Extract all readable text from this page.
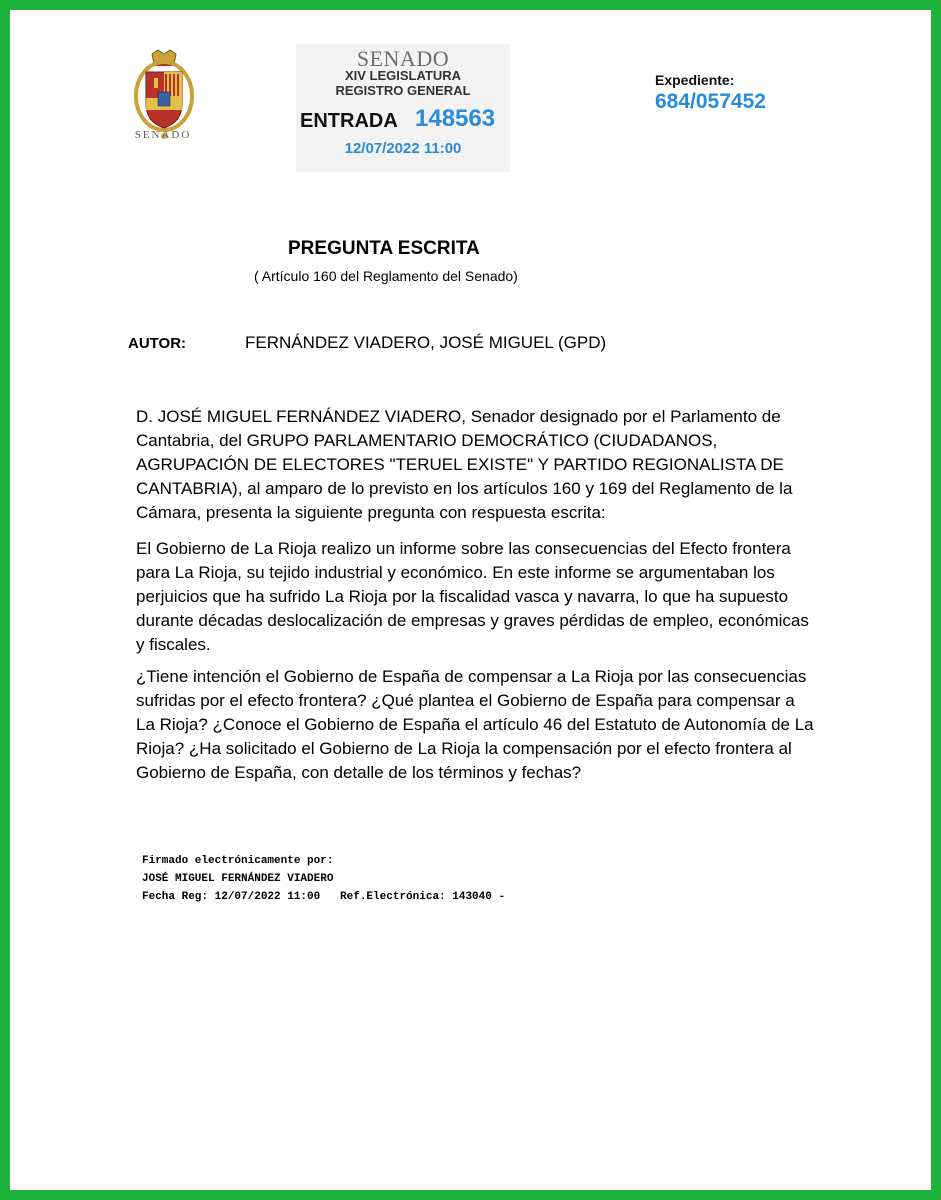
SENADO
SENADO
XIV LEGISLATURA
REGISTRO GENERAL
ENTRADA 148563
12/07/2022 11:00
Expediente:
684/057452
PREGUNTA ESCRITA
( Artículo 160 del Reglamento del Senado)
AUTOR:	FERNÁNDEZ VIADERO, JOSÉ MIGUEL (GPD)
D. JOSÉ MIGUEL FERNÁNDEZ VIADERO, Senador designado por el Parlamento de Cantabria, del GRUPO PARLAMENTARIO DEMOCRÁTICO (CIUDADANOS, AGRUPACIÓN DE ELECTORES "TERUEL EXISTE" Y PARTIDO REGIONALISTA DE CANTABRIA), al amparo de lo previsto en los artículos 160 y 169 del Reglamento de la Cámara, presenta la siguiente pregunta con respuesta escrita:
El Gobierno de La Rioja realizo un informe sobre las consecuencias del Efecto frontera para La Rioja, su tejido industrial y económico. En este informe se argumentaban los perjuicios que ha sufrido La Rioja por la fiscalidad vasca y navarra, lo que ha supuesto durante décadas deslocalización de empresas y graves pérdidas de empleo, económicas y fiscales.
¿Tiene intención el Gobierno de España de compensar a La Rioja por las consecuencias sufridas por el efecto frontera? ¿Qué plantea el Gobierno de España para compensar a La Rioja? ¿Conoce el Gobierno de España el artículo 46 del Estatuto de Autonomía de La Rioja? ¿Ha solicitado el Gobierno de La Rioja la compensación por el efecto frontera al Gobierno de España, con detalle de los términos y fechas?
Firmado electrónicamente por:
JOSÉ MIGUEL FERNÁNDEZ VIADERO
Fecha Reg: 12/07/2022 11:00   Ref.Electrónica: 143040 -
